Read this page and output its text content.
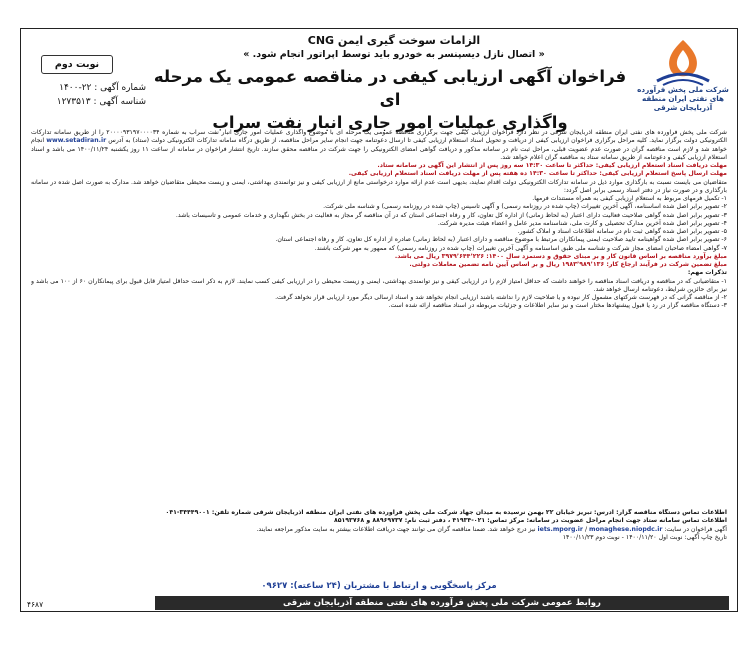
شرکت ملی پخش فرآورده های نفتی ایران منطقه آذربایجان شرقی
الزامات سوخت گیری ایمن CNG
« اتصال نازل دیسپنسر به خودرو باید توسط اپراتور انجام شود. »
فراخوان آگهی ارزیابی کیفی در مناقصه عمومی یک مرحله ای
واگذاری عملیات امور جاری انبار نفت سراب
نوبت دوم
شماره آگهی : ۲۲-۱۴۰۰
شناسه آگهی : ۱۲۷۳۵۱۳

شرکت ملی پخش فرآورده های نفتی ایران منطقه آذربایجان شرقی در نظر دارد فراخوان ارزیابی کیفی جهت برگزاری مناقصه عمومی یک مرحله ای با موضوع واگذاری عملیات امور جاری انبار نفت سراب به شماره ۲۰۰۰۰۹۳۱۹۷۰۰۰۰۳۴ را از طریق سامانه تدارکات الکترونیکی دولت برگزار نماید. کلیه مراحل برگزاری فراخوان ارزیابی کیفی از دریافت و تحویل اسناد استعلام ارزیابی کیفی تا ارسال دعوتنامه جهت انجام سایر مراحل مناقصه، از طریق درگاه سامانه تدارکات الکترونیکی دولت (ستاد) به آدرس www.setadiran.ir انجام خواهد شد و لازم است مناقصه گران در صورت عدم عضویت قبلی، مراحل ثبت نام در سامانه مذکور و دریافت گواهی امضای الکترونیکی را جهت شرکت در مناقصه محقق سازند. تاریخ انتشار فراخوان در سامانه از ساعت ۱۱ روز یکشنبه ۱۴۰۰/۱۱/۲۴ می باشد و اسناد استعلام ارزیابی کیفی و دعوتنامه از طریق سامانه ستاد به مناقصه گران اعلام خواهد شد.

مهلت دریافت اسناد استعلام ارزیابی کیفی: حداکثر تا ساعت ۱۴:۳۰ سه روز پس از انتشار این آگهی در سامانه ستاد.

مهلت ارسال پاسخ استعلام ارزیابی کیفی: حداکثر تا ساعت ۱۴:۳۰ ده هفته پس از مهلت دریافت اسناد استعلام ارزیابی کیفی.

متقاضیان می بایست نسبت به بارگذاری موارد ذیل در سامانه تدارکات الکترونیکی دولت اقدام نمایند، بدیهی است عدم ارائه موارد درخواستی مانع از ارزیابی کیفی و نیز توانمندی بهداشتی، ایمنی و زیست محیطی متقاضیان خواهد شد. مدارک به صورت اصل شده در سامانه بارگذاری و در صورت نیاز در دفتر اسناد رسمی برابر اصل گردد:

۱- تکمیل فرمهای مربوط به استعلام ارزیابی کیفی به همراه مستندات فرمها.

۲- تصویر برابر اصل شده اساسنامه، آگهی آخرین تغییرات (چاپ شده در روزنامه رسمی) و آگهی تاسیس (چاپ شده در روزنامه رسمی) و شناسه ملی شرکت.

۳- تصویر برابر اصل شده گواهی صلاحیت فعالیت دارای اعتبار (به لحاظ زمانی) از اداره کل تعاون، کار و رفاه اجتماعی استان که در آن مناقصه گر مجاز به فعالیت در بخش نگهداری و خدمات عمومی و تاسیسات باشد.

۴- تصویر برابر اصل شده آخرین مدارک تحصیلی و کارت ملی، شناسنامه مدیر عامل و اعضاء هیئت مدیره شرکت.

۵- تصویر برابر اصل شده گواهی ثبت نام در سامانه اطلاعات اسناد و املاک کشور.

۶- تصویر برابر اصل شده گواهینامه تایید صلاحیت ایمنی پیمانکاران مرتبط با موضوع مناقصه و دارای اعتبار (به لحاظ زمانی) صادره از اداره کل تعاون، کار و رفاه اجتماعی استان.

۷- گواهی امضاء صاحبان امضای مجاز شرکت و شناسه ملی طبق اساسنامه و آگهی آخرین تغییرات (چاپ شده در روزنامه رسمی) که ممهور به مهر شرکت باشند.

مبلغ برآورد مناقصه بر اساس قانون کار و بر مبنای حقوق و دستمزد سال ۱۴۰۰: ۳۹۷۹٬۶۴۴٬۲۲۶ ریال می باشد.

مبلغ تضمین شرکت در فرآیند ارجاع کار: ۱۹۸۳٬۹۸۹٬۱۳۶ ریال و بر اساس آیین نامه تضمین معاملات دولتی.

تذکرات مهم:

۱- متقاضیانی که در مناقصه و دریافت اسناد مناقصه را خواهند داشت که حداقل امتیاز لازم را در ارزیابی کیفی و نیز توانمندی بهداشتی، ایمنی و زیست محیطی را در ارزیابی کیفی کسب نمایند. لازم به ذکر است حداقل امتیاز قابل قبول برای پیمانکاران ۶۰ از ۱۰۰ می باشد و نیز برای حائزین شرایط، دعوتنامه ارسال خواهد شد.

۲- از مناقصه گرانی که در فهرست شرکتهای مشمول کار نبوده و یا صلاحیت لازم را نداشته باشند ارزیابی انجام نخواهد شد و اسناد ارسالی دیگر مورد ارزیابی قرار نخواهد گرفت.

۳- دستگاه مناقصه گزار در رد یا قبول پیشنهادها مختار است و نیز سایر اطلاعات و جزئیات مربوطه در اسناد مناقصه ارائه شده است.

اطلاعات تماس دستگاه مناقصه گزار: آدرس: تبریز خیابان ۲۲ بهمن نرسیده به میدان جهاد شرکت ملی پخش فرآورده های نفتی ایران منطقه آذربایجان شرقی شماره تلفن: ۳۴۴۴۹۰۰۱-۰۴۱

اطلاعات تماس سامانه ستاد جهت انجام مراحل عضویت در سامانه: مرکز تماس: ۰۲۱-۴۱۹۳۴ ، دفتر ثبت نام: ۸۸۹۶۹۷۳۷ و ۸۵۱۹۳۷۶۸

آگهی فراخوان در سایت: iets.mporg.ir / monaghese.niopdc.ir نیز درج خواهد شد. ضمنا مناقصه گران می توانند جهت دریافت اطلاعات بیشتر به سایت مذکور مراجعه نمایند.

تاریخ چاپ آگهی: نوبت اول ۱۴۰۰/۱۱/۲۰ - نوبت دوم ۱۴۰۰/۱۱/۲۳

مرکز پاسخگویی و ارتباط با مشتریان (۲۴ ساعته): ۰۹۶۲۷
روابط عمومی شرکت ملی پخش فرآورده های نفتی منطقه آذربایجان شرقی
۴۶۸۷
